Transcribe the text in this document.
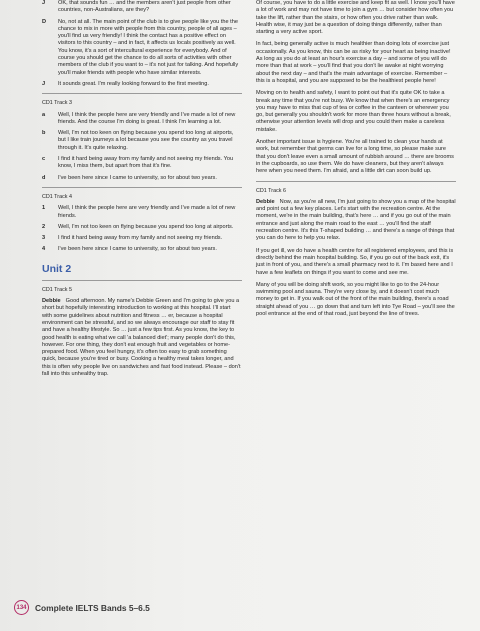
J	OK, that sounds fun … and the members aren't just people from other countries, non-Australians, are they?
D	No, not at all. The main point of the club is to give people like you the the chance to mix in more with people from this country, people of all ages – you'll find us very friendly! I think the contact has a positive effect on visitors to this country – and in fact, it affects us locals positively as well. You know, it's a sort of intercultural experience for everybody. And of course you should get the chance to do all sorts of activities with other members of the club if you want to – it's not just for talking. And hopefully you'll make friends with people who have similar interests.
J	It sounds great. I'm really looking forward to the first meeting.
CD1 Track 3
a	Well, I think the people here are very friendly and I've made a lot of new friends. And the course I'm doing is great. I think I'm learning a lot.
b	Well, I'm not too keen on flying because you spend too long at airports, but I like train journeys a lot because you see the country as you travel through it. It's quite relaxing.
c	I find it hard being away from my family and not seeing my friends. You know, I miss them, but apart from that it's fine.
d	I've been here since I came to university, so for about two years.
CD1 Track 4
1	Well, I think the people here are very friendly and I've made a lot of new friends.
2	Well, I'm not too keen on flying because you spend too long at airports.
3	I find it hard being away from my family and not seeing my friends.
4	I've been here since I came to university, so for about two years.
Unit 2
CD1 Track 5

Debbie Good afternoon. My name's Debbie Green and I'm going to give you a short but hopefully interesting introduction to working at this hospital. I'll start with some guidelines about nutrition and fitness … er, because a hospital environment can be stressful, and so we always encourage our staff to stay fit and have a healthy lifestyle. So … just a few tips first. As you know, the key to good health is eating what we call 'a balanced diet'; many people don't do this, however. For one thing, they don't eat enough fruit and vegetables or home-prepared food. When you feel hungry, it's often too easy to grab something quick, because you're tired or busy. Cooking a healthy meal takes longer, and this is often why people live on sandwiches and fast food instead. Please – don't fall into this unhealthy trap.

Of course, you have to do a little exercise and keep fit as well. I know you'll have a lot of work and may not have time to join a gym … but consider how often you take the lift, rather than the stairs, or how often you drive rather than walk. Health wise, it may just be a question of doing things differently, rather than starting a very active sport.

In fact, being generally active is much healthier than doing lots of exercise just occasionally. As you know, this can be as risky for your heart as being inactive! As long as you do at least an hour's exercise a day – and some of you will do more than that at work – you'll find that you don't lie awake at night worrying about the next day – and that's the main advantage of exercise. Remember – this is a hospital, and you are supposed to be the healthiest people here!

Moving on to health and safety, I want to point out that it's quite OK to take a break any time that you're not busy. We know that when there's an emergency you may have to miss that cup of tea or coffee in the canteen or wherever you go, but generally you shouldn't work for more than three hours without a break, otherwise your attention levels will drop and you could then make a careless mistake.

Another important issue is hygiene. You're all trained to clean your hands at work, but remember that germs can live for a long time, so please make sure that you don't leave even a small amount of rubbish around … there are brooms in the cupboards, so use them. We do have cleaners, but they aren't always here when you need them. I'm afraid, and a little dirt can soon build up.

CD1 Track 6

Debbie Now, as you're all new, I'm just going to show you a map of the hospital and point out a few key places. Let's start with the recreation centre. At the moment, we're in the main building, that's here … and if you go out of the main entrance and just along the main road to the east … you'll find the staff recreation centre. It's this T-shaped building … and there's a range of things that you can do here to help you relax.

If you get ill, we do have a health centre for all registered employees, and this is directly behind the main hospital building. So, if you go out of the back exit, it's just in front of you, and there's a small pharmacy next to it. I'm based here and I have a few leaflets on things if you want to come and see me.

Many of you will be doing shift work, so you might like to go to the 24-hour swimming pool and sauna. They're very close by, and it doesn't cost much money to get in. If you walk out of the front of the main building, there's a road straight ahead of you … go down that and turn left into Tye Road – you'll see the pool entrance at the end of that road, just beyond the line of trees.

134 Complete IELTS Bands 5–6.5
